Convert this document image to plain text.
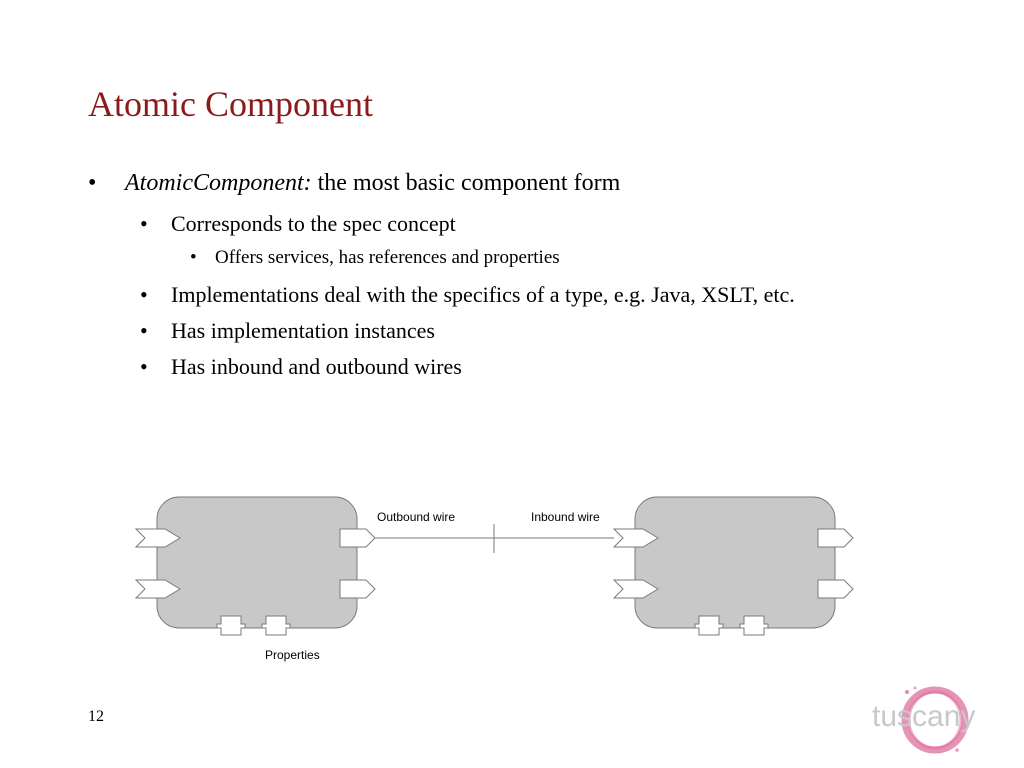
Atomic Component
• AtomicComponent: the most basic component form
• Corresponds to the spec concept
• Offers services, has references and properties
• Implementations deal with the specifics of a type, e.g. Java, XSLT, etc.
• Has implementation instances
• Has inbound and outbound wires
Outbound wire	Inbound wire
Properties
12	tuscany
